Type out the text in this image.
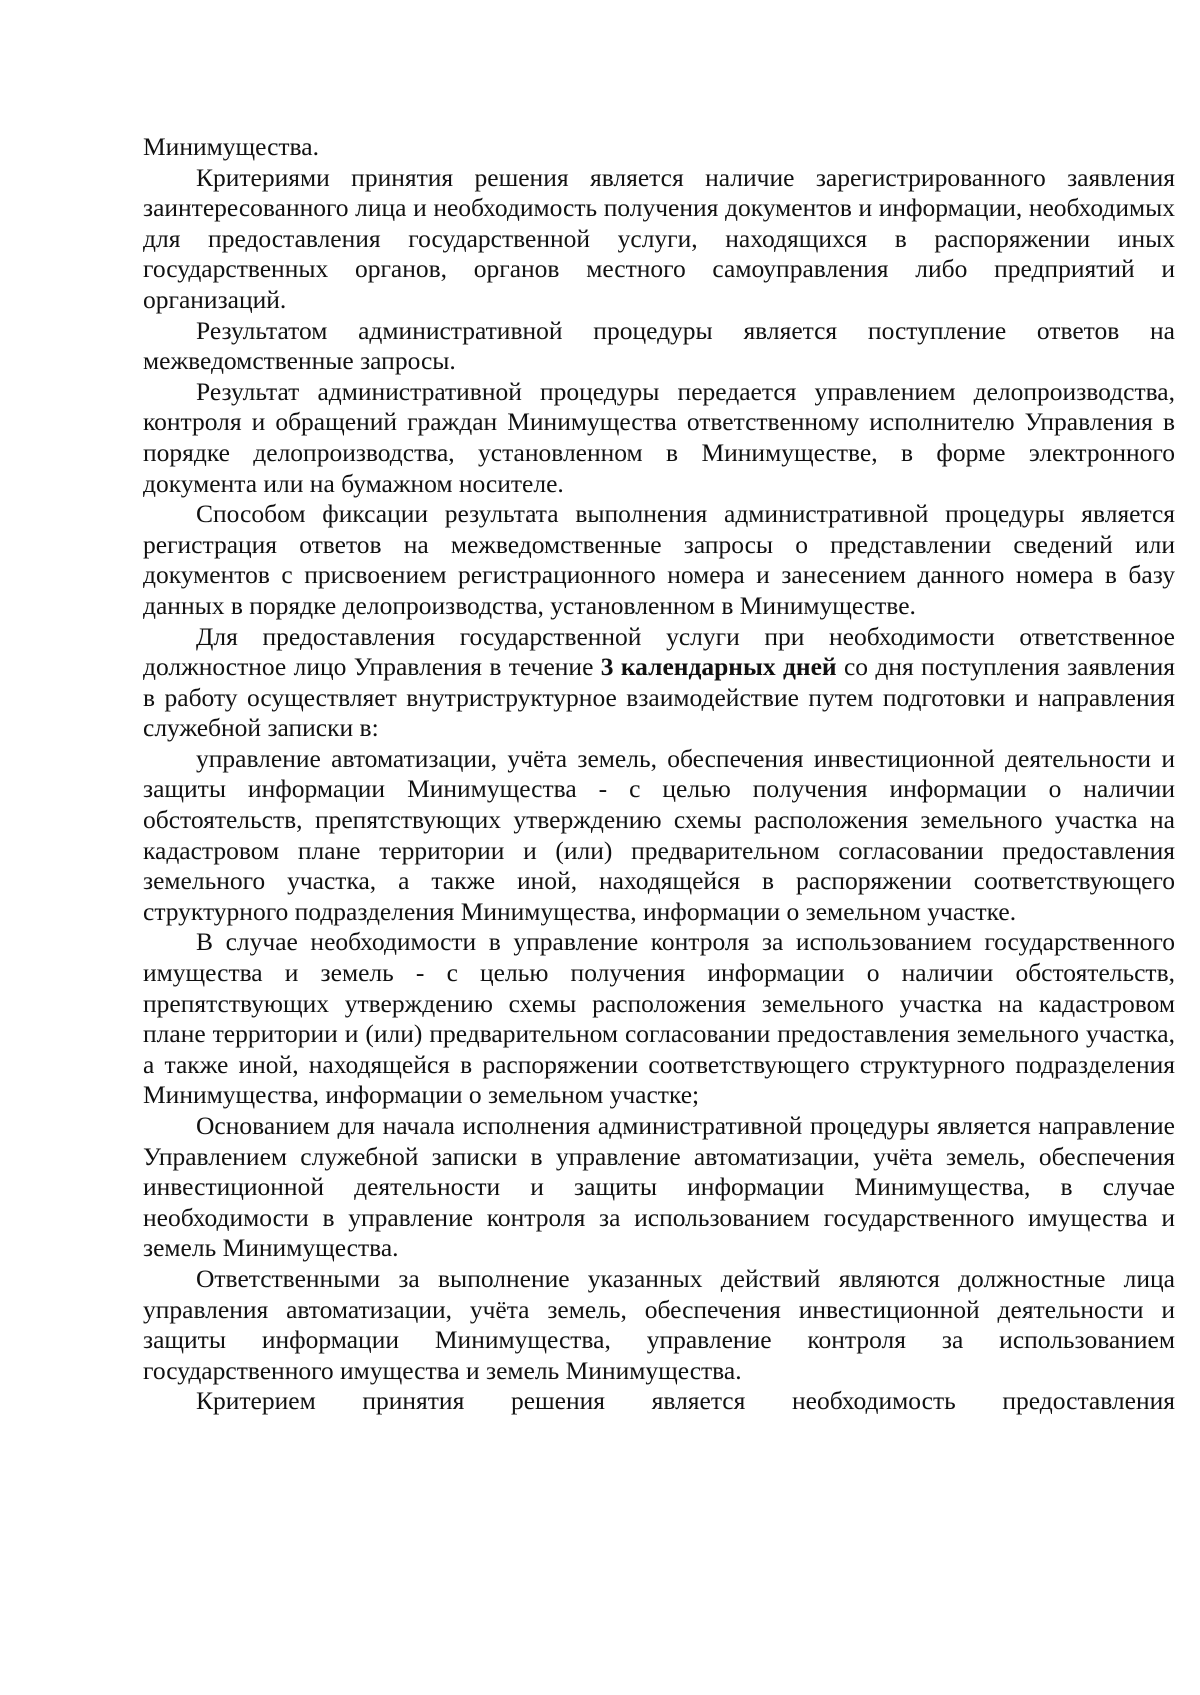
Минимущества.

Критериями принятия решения является наличие зарегистрированного заявления заинтересованного лица и необходимость получения документов и информации, необходимых для предоставления государственной услуги, находящихся в распоряжении иных государственных органов, органов местного самоуправления либо предприятий и организаций.

Результатом административной процедуры является поступление ответов на межведомственные запросы.

Результат административной процедуры передается управлением делопроизводства, контроля и обращений граждан Минимущества ответственному исполнителю Управления в порядке делопроизводства, установленном в Минимуществе, в форме электронного документа или на бумажном носителе.

Способом фиксации результата выполнения административной процедуры является регистрация ответов на межведомственные запросы о представлении сведений или документов с присвоением регистрационного номера и занесением данного номера в базу данных в порядке делопроизводства, установленном в Минимуществе.

Для предоставления государственной услуги при необходимости ответственное должностное лицо Управления в течение 3 календарных дней со дня поступления заявления в работу осуществляет внутриструктурное взаимодействие путем подготовки и направления служебной записки в:

управление автоматизации, учёта земель, обеспечения инвестиционной деятельности и защиты информации Минимущества - с целью получения информации о наличии обстоятельств, препятствующих утверждению схемы расположения земельного участка на кадастровом плане территории и (или) предварительном согласовании предоставления земельного участка, а также иной, находящейся в распоряжении соответствующего структурного подразделения Минимущества, информации о земельном участке.

В случае необходимости в управление контроля за использованием государственного имущества и земель - с целью получения информации о наличии обстоятельств, препятствующих утверждению схемы расположения земельного участка на кадастровом плане территории и (или) предварительном согласовании предоставления земельного участка, а также иной, находящейся в распоряжении соответствующего структурного подразделения Минимущества, информации о земельном участке;

Основанием для начала исполнения административной процедуры является направление Управлением служебной записки в управление автоматизации, учёта земель, обеспечения инвестиционной деятельности и защиты информации Минимущества, в случае необходимости в управление контроля за использованием государственного имущества и земель Минимущества.

Ответственными за выполнение указанных действий являются должностные лица управления автоматизации, учёта земель, обеспечения инвестиционной деятельности и защиты информации Минимущества, управление контроля за использованием государственного имущества и земель Минимущества.

Критерием принятия решения является необходимость предоставления
